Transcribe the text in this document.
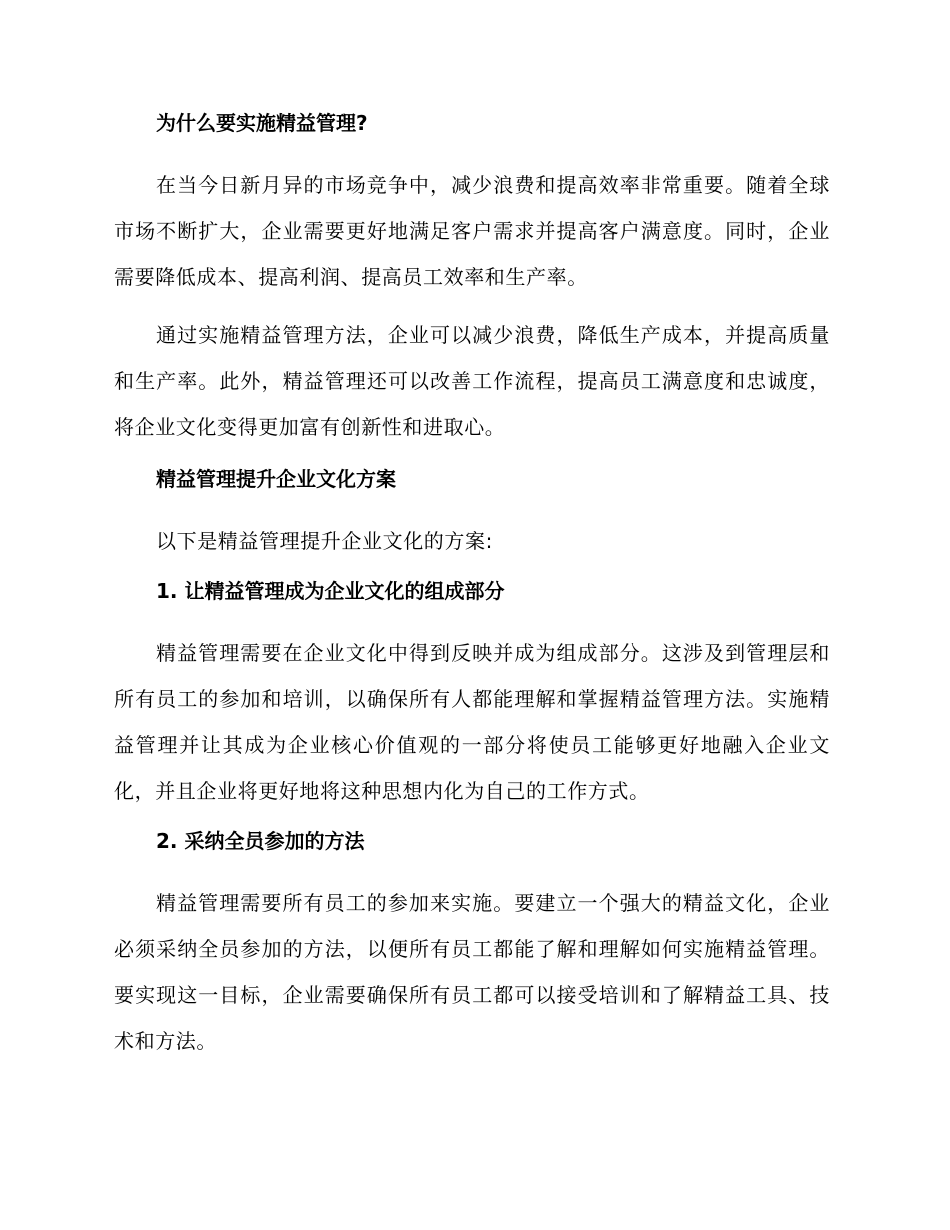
为什么要实施精益管理?

在当今日新月异的市场竞争中，减少浪费和提高效率非常重要。随着全球市场不断扩大，企业需要更好地满足客户需求并提高客户满意度。同时，企业需要降低成本、提高利润、提高员工效率和生产率。

通过实施精益管理方法，企业可以减少浪费，降低生产成本，并提高质量和生产率。此外，精益管理还可以改善工作流程，提高员工满意度和忠诚度，将企业文化变得更加富有创新性和进取心。

精益管理提升企业文化方案

以下是精益管理提升企业文化的方案:

1. 让精益管理成为企业文化的组成部分

精益管理需要在企业文化中得到反映并成为组成部分。这涉及到管理层和所有员工的参加和培训，以确保所有人都能理解和掌握精益管理方法。实施精益管理并让其成为企业核心价值观的一部分将使员工能够更好地融入企业文化，并且企业将更好地将这种思想内化为自己的工作方式。

2. 采纳全员参加的方法

精益管理需要所有员工的参加来实施。要建立一个强大的精益文化，企业必须采纳全员参加的方法，以便所有员工都能了解和理解如何实施精益管理。要实现这一目标，企业需要确保所有员工都可以接受培训和了解精益工具、技术和方法。
